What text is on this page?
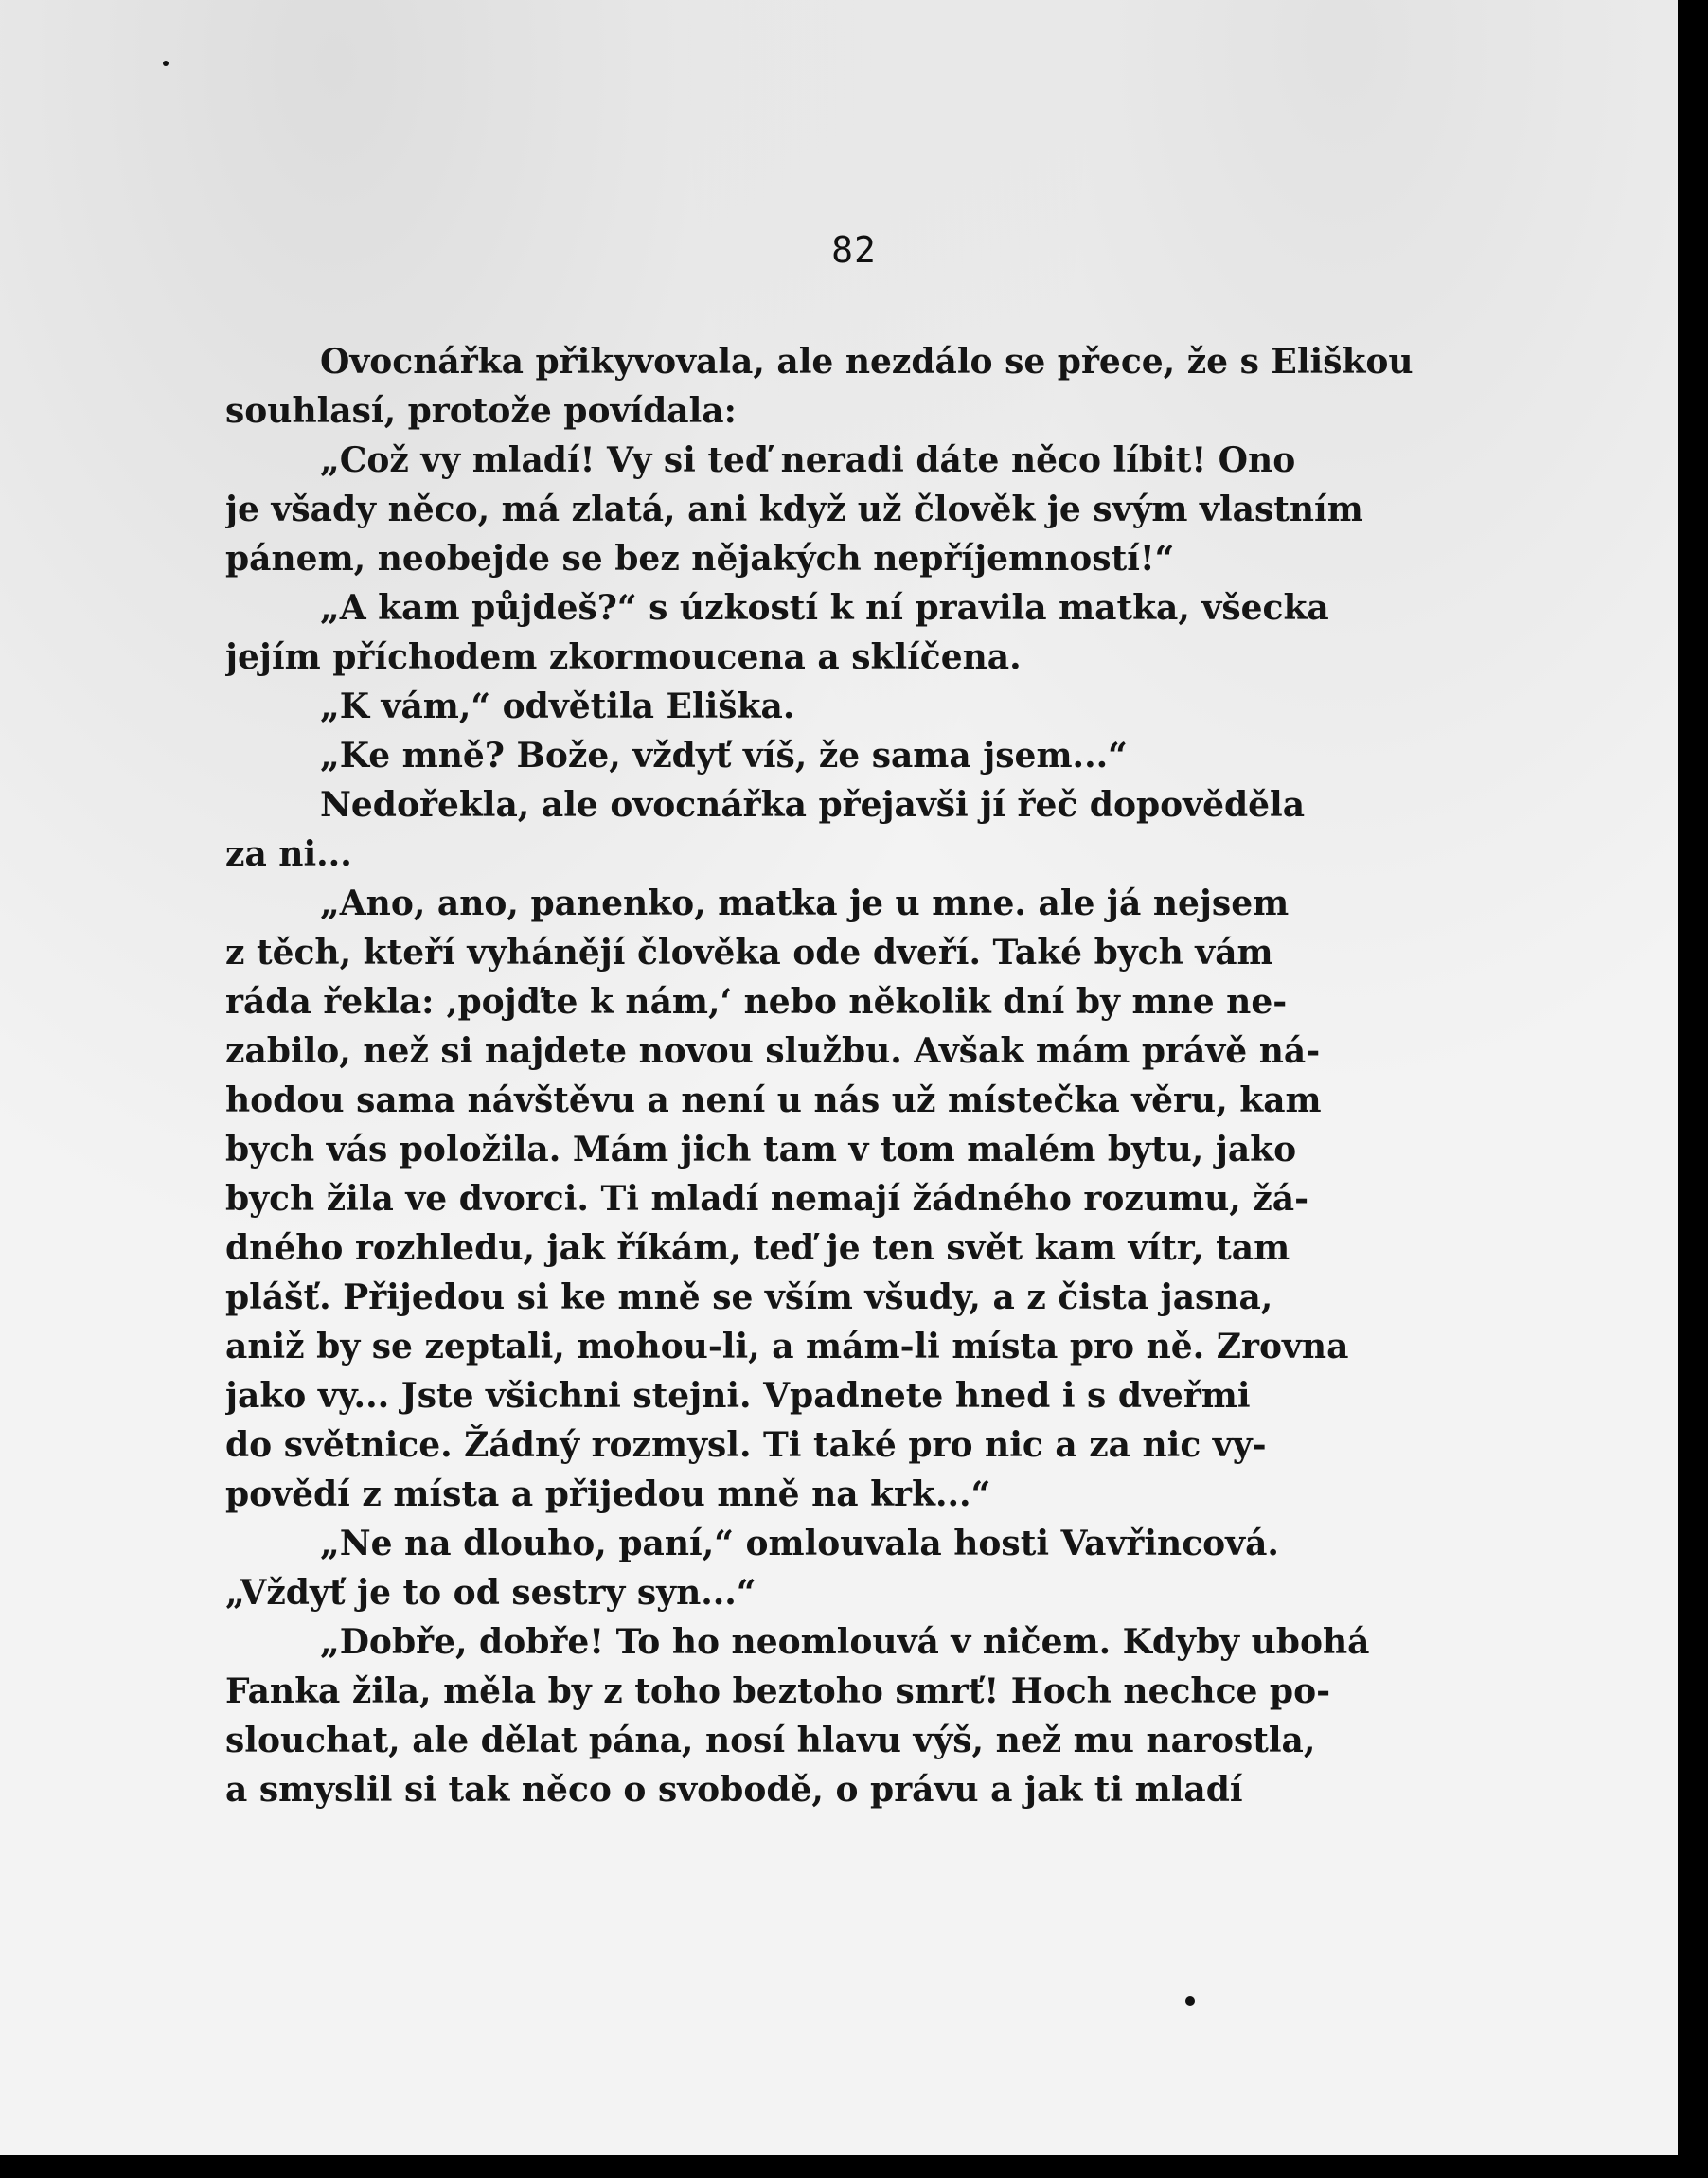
82
Ovocnářka přikyvovala, ale nezdálo se přece, že s Eliškou
souhlasí, protože povídala:
„Což vy mladí! Vy si teď neradi dáte něco líbit! Ono
je všady něco, má zlatá, ani když už člověk je svým vlastním
pánem, neobejde se bez nějakých nepříjemností!“
„A kam půjdeš?“ s úzkostí k ní pravila matka, všecka
jejím příchodem zkormoucena a sklíčena.
„K vám,“ odvětila Eliška.
„Ke mně? Bože, vždyť víš, že sama jsem...“
Nedořekla, ale ovocnářka přejavši jí řeč dopověděla
za ni...
„Ano, ano, panenko, matka je u mne. ale já nejsem
z těch, kteří vyhánějí člověka ode dveří. Také bych vám
ráda řekla: ‚pojďte k nám,‘ nebo několik dní by mne ne-
zabilo, než si najdete novou službu. Avšak mám právě ná-
hodou sama návštěvu a není u nás už místečka věru, kam
bych vás položila. Mám jich tam v tom malém bytu, jako
bych žila ve dvorci. Ti mladí nemají žádného rozumu, žá-
dného rozhledu, jak říkám, teď je ten svět kam vítr, tam
plášť. Přijedou si ke mně se vším všudy, a z čista jasna,
aniž by se zeptali, mohou-li, a mám-li místa pro ně. Zrovna
jako vy... Jste všichni stejni. Vpadnete hned i s dveřmi
do světnice. Žádný rozmysl. Ti také pro nic a za nic vy-
povědí z místa a přijedou mně na krk...“
„Ne na dlouho, paní,“ omlouvala hosti Vavřincová.
„Vždyť je to od sestry syn...“
„Dobře, dobře! To ho neomlouvá v ničem. Kdyby ubohá
Fanka žila, měla by z toho beztoho smrť! Hoch nechce po-
slouchat, ale dělat pána, nosí hlavu výš, než mu narostla,
a smyslil si tak něco o svobodě, o právu a jak ti mladí
